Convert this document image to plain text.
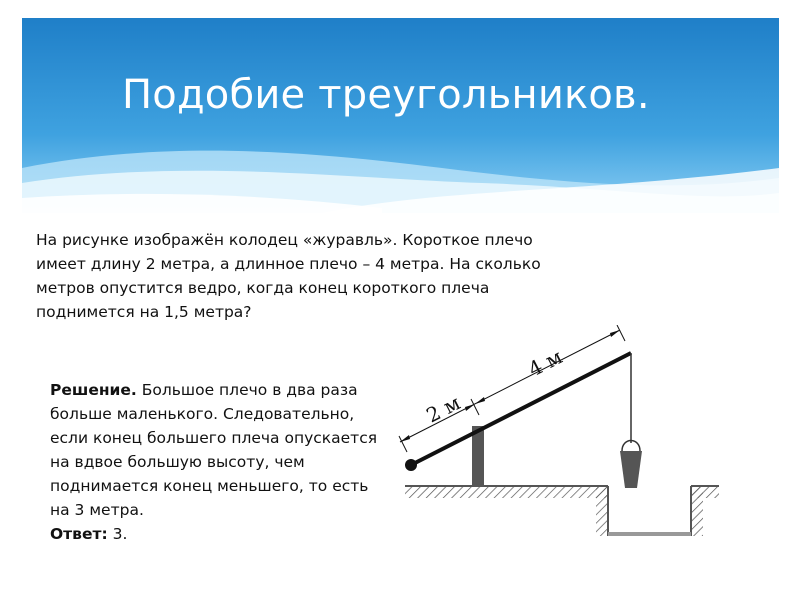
Подобие треугольников.
На рисунке изображён колодец «журавль». Короткое плечо имеет длину 2 метра, а длинное плечо – 4 метра. На сколько метров опустится ведро, когда конец короткого плеча поднимется на 1,5 метра?
Решение. Большое плечо в два раза больше маленького. Следовательно, если конец большего плеча опускается на вдвое большую высоту, чем поднимается конец меньшего, то есть на 3 метра.
Ответ: 3.
2 м
4 м
